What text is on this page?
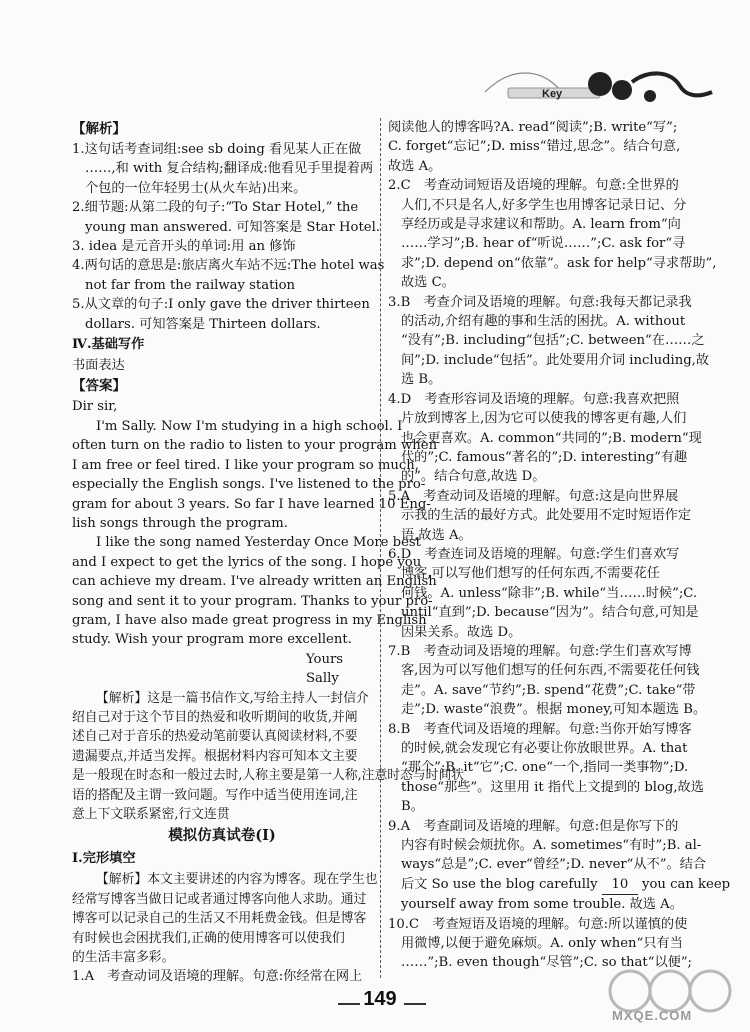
Key

【解析】

1.这句话考查词组:see sb doing 看见某人正在做

……,和 with 复合结构;翻译成:他看见手里提着两

个包的一位年轻男士(从火车站)出来。

2.细节题:从第二段的句子:“To Star Hotel,” the

young man answered. 可知答案是 Star Hotel.

3. idea 是元音开头的单词:用 an 修饰

4.两句话的意思是:旅店离火车站不远:The hotel was

not far from the railway station

5.从文章的句子:I only gave the driver thirteen

dollars. 可知答案是 Thirteen dollars.

Ⅳ.基础写作

书面表达

【答案】

Dir sir,

I'm Sally. Now I'm studying in a high school. I

often turn on the radio to listen to your program when

I am free or feel tired. I like your program so much,

especially the English songs. I've listened to the pro-

gram for about 3 years. So far I have learned 10 Eng-

lish songs through the program.

I like the song named Yesterday Once More best

and I expect to get the lyrics of the song. I hope you

can achieve my dream. I've already written an English

song and sent it to your program. Thanks to your pro-

gram, I have also made great progress in my English

study. Wish your program more excellent.

Yours

Sally

【解析】这是一篇书信作文,写给主持人一封信介

绍自己对于这个节目的热爱和收听期间的收货,并阐

述自己对于音乐的热爱动笔前要认真阅读材料,不要

遗漏要点,并适当发挥。根据材料内容可知本文主要

是一般现在时态和一般过去时,人称主要是第一人称,注意时态与时间状

语的搭配及主谓一致问题。写作中适当使用连词,注

意上下文联系紧密,行文连贯

模拟仿真试卷(Ⅰ)

Ⅰ.完形填空

【解析】本文主要讲述的内容为博客。现在学生也

经常写博客当做日记或者通过博客向他人求助。通过

博客可以记录自己的生活又不用耗费金钱。但是博客

有时候也会困扰我们,正确的使用博客可以使我们

的生活丰富多彩。

1.A　考查动词及语境的理解。句意:你经常在网上

阅读他人的博客吗?A. read“阅读”;B. write“写”;

C. forget“忘记”;D. miss“错过,思念”。结合句意,

故选 A。

2.C　考查动词短语及语境的理解。句意:全世界的

人们,不只是名人,好多学生也用博客记录日记、分

享经历或是寻求建议和帮助。A. learn from“向

……学习”;B. hear of“听说……”;C. ask for“寻

求”;D. depend on“依靠”。ask for help“寻求帮助”,

故选 C。

3.B　考查介词及语境的理解。句意:我每天都记录我

的活动,介绍有趣的事和生活的困扰。A. without

“没有”;B. including“包括”;C. between“在……之

间”;D. include“包括”。此处要用介词 including,故

选 B。

4.D　考查形容词及语境的理解。句意:我喜欢把照

片放到博客上,因为它可以使我的博客更有趣,人们

也会更喜欢。A. common“共同的”;B. modern“现

代的”;C. famous“著名的”;D. interesting“有趣

的”。结合句意,故选 D。

5.A　考查动词及语境的理解。句意:这是向世界展

示我的生活的最好方式。此处要用不定时短语作定

语,故选 A。

6.D　考查连词及语境的理解。句意:学生们喜欢写

博客,可以写他们想写的任何东西,不需要花任

何钱。A. unless“除非”;B. while“当……时候”;C.

until“直到”;D. because“因为”。结合句意,可知是

因果关系。故选 D。

7.B　考查动词及语境的理解。句意:学生们喜欢写博

客,因为可以写他们想写的任何东西,不需要花任何钱

走”。A. save“节约”;B. spend“花费”;C. take“带

走”;D. waste“浪费”。根据 money,可知本题选 B。

8.B　考查代词及语境的理解。句意:当你开始写博客

的时候,就会发现它有必要让你放眼世界。A. that

“那个”;B. it“它”;C. one“一个,指同一类事物”;D.

those“那些”。这里用 it 指代上文提到的 blog,故选

B。

9.A　考查副词及语境的理解。句意:但是你写下的

内容有时候会烦扰你。A. sometimes“有时”;B. al-

ways“总是”;C. ever“曾经”;D. never“从不”。结合

后文 So use the blog carefully 10 you can keep

yourself away from some trouble. 故选 A。

10.C　考查短语及语境的理解。句意:所以谨慎的使

用微博,以便于避免麻烦。A. only when“只有当

……”;B. even though“尽管”;C. so that“以便”;

149
MXQE.COM
